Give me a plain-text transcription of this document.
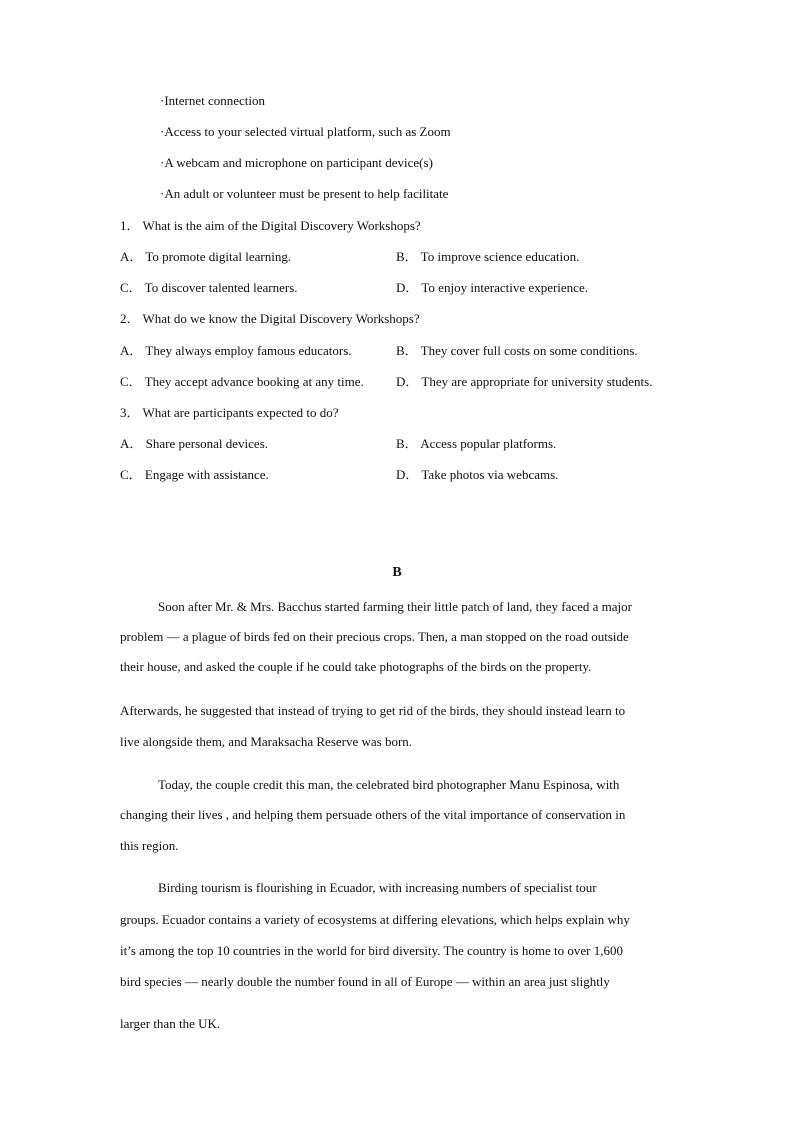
·Internet connection
·Access to your selected virtual platform, such as Zoom
·A webcam and microphone on participant device(s)
·An adult or volunteer must be present to help facilitate
1． What is the aim of the Digital Discovery Workshops?
A． To promote digital learning.	B． To improve science education.
C． To discover talented learners.	D． To enjoy interactive experience.
2． What do we know the Digital Discovery Workshops?
A． They always employ famous educators.	B． They cover full costs on some conditions.
C． They accept advance booking at any time. D． They are appropriate for university students.
3． What are participants expected to do?
A． Share personal devices.	B． Access popular platforms.
C． Engage with assistance.	D． Take photos via webcams.
B
Soon after Mr. & Mrs. Bacchus started farming their little patch of land, they faced a major
problem — a plague of birds fed on their precious crops. Then, a man stopped on the road outside
their house, and asked the couple if he could take photographs of the birds on the property.
Afterwards, he suggested that instead of trying to get rid of the birds, they should instead learn to
live alongside them, and Maraksacha Reserve was born.
Today, the couple credit this man, the celebrated bird photographer Manu Espinosa, with
changing their lives , and helping them persuade others of the vital importance of conservation in
this region.
Birding tourism is flourishing in Ecuador, with increasing numbers of specialist tour
groups. Ecuador contains a variety of ecosystems at differing elevations, which helps explain why
it’s among the top 10 countries in the world for bird diversity. The country is home to over 1,600
bird species — nearly double the number found in all of Europe — within an area just slightly
larger than the UK.
